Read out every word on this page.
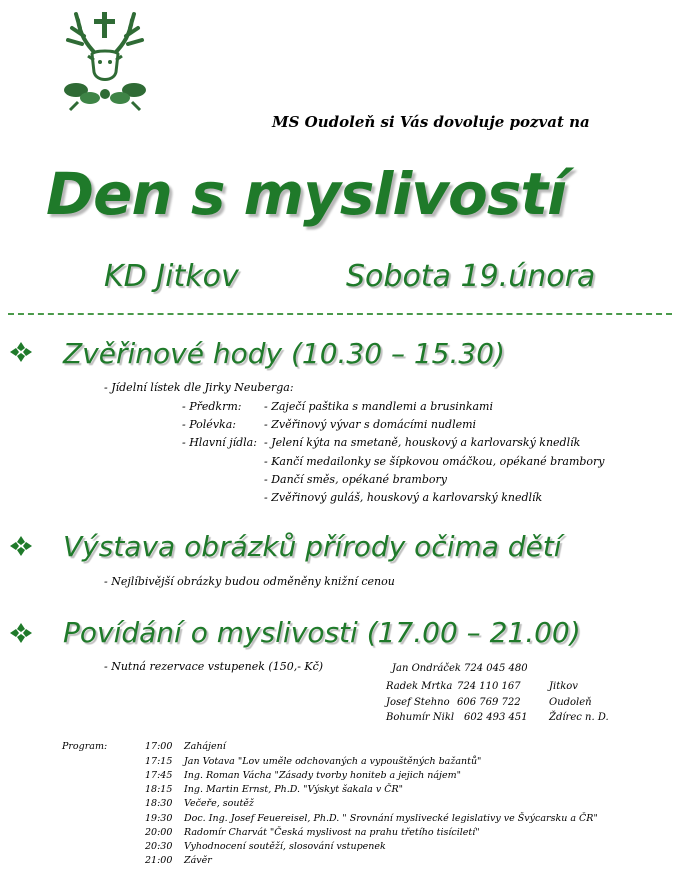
MS Oudoleň si Vás dovoluje pozvat na
Den s myslivostí
KD Jitkov	Sobota 19.února
Zvěřinové hody (10.30 – 15.30)
- Jídelní lístek dle Jirky Neuberga:
- Předkrm: - Zaječí paštika s mandlemi a brusinkami
- Polévka:	- Zvěřinový vývar s domácími nudlemi
- Hlavní jídla: - Jelení kýta na smetaně, houskový a karlovarský knedlík
- Kančí medailonky se šípkovou omáčkou, opékané brambory
- Dančí směs, opékané brambory
- Zvěřinový guláš, houskový a karlovarský knedlík
Výstava obrázků přírody očima dětí
- Nejlíbivější obrázky budou odměněny knižní cenou
Povídání o myslivosti (17.00 – 21.00)
- Nutná rezervace vstupenek (150,- Kč)	Jan Ondráček 724 045 480
Radek Mrtka 724 110 167	Jitkov
Josef Stehno 606 769 722	Oudoleň
Bohumír Nikl 602 493 451 Ždírec n. D.
Program:	17:00 Zahájení
17:15 Jan Votava "Lov uměle odchovaných a vypouštěných bažantů"
17:45 Ing. Roman Vácha "Zásady tvorby honiteb a jejich nájem"
18:15 Ing. Martin Ernst, Ph.D. "Výskyt šakala v ČR"
18:30 Večeře, soutěž
19:30 Doc. Ing. Josef Feuereisel, Ph.D. " Srovnání myslivecké legislativy ve Švýcarsku a ČR"
20:00 Radomír Charvát "Česká myslivost na prahu třetího tisíciletí"
20:30 Vyhodnocení soutěží, slosování vstupenek
21:00 Závěr
